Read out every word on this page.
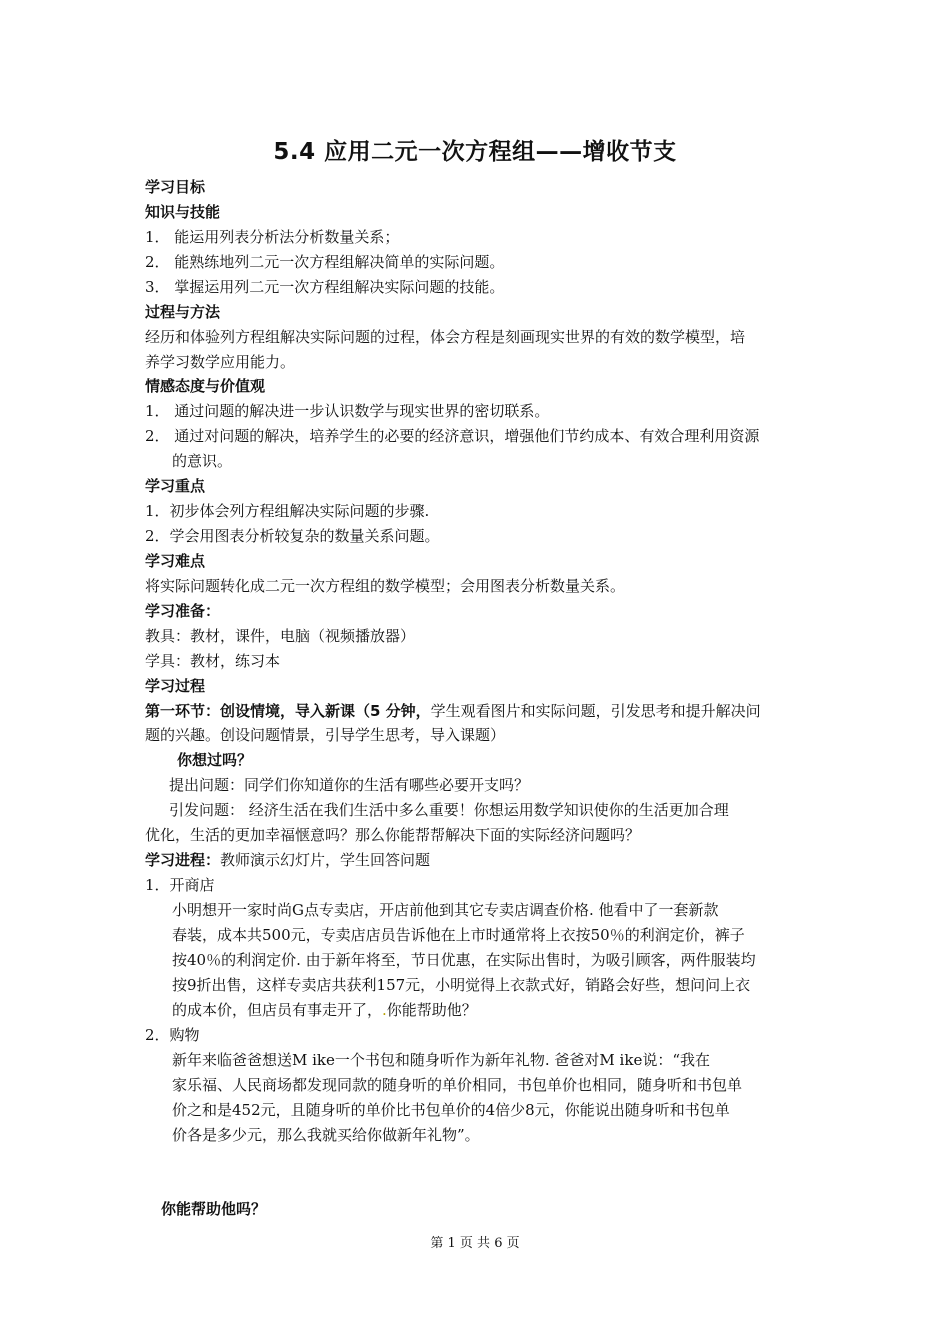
5.4 应用二元一次方程组——增收节支
学习目标
知识与技能
1． 能运用列表分析法分析数量关系；
2． 能熟练地列二元一次方程组解决简单的实际问题。
3． 掌握运用列二元一次方程组解决实际问题的技能。
过程与方法
经历和体验列方程组解决实际问题的过程，体会方程是刻画现实世界的有效的数学模型，培
养学习数学应用能力。
情感态度与价值观
1． 通过问题的解决进一步认识数学与现实世界的密切联系。
2． 通过对问题的解决，培养学生的必要的经济意识，增强他们节约成本、有效合理利用资源
的意识。
学习重点
1．初步体会列方程组解决实际问题的步骤.
2．学会用图表分析较复杂的数量关系问题。
学习难点
将实际问题转化成二元一次方程组的数学模型；会用图表分析数量关系。
学习准备：
教具：教材，课件，电脑（视频播放器）
学具：教材，练习本
学习过程
第一环节：创设情境，导入新课（5 分钟，学生观看图片和实际问题，引发思考和提升解决问
题的兴趣。创设问题情景，引导学生思考，导入课题）
你想过吗？
提出问题：同学们你知道你的生活有哪些必要开支吗？
引发问题： 经济生活在我们生活中多么重要！你想运用数学知识使你的生活更加合理
优化，生活的更加幸福惬意吗？那么你能帮帮解决下面的实际经济问题吗？
学习进程：教师演示幻灯片，学生回答问题
1．开商店
小明想开一家时尚G点专卖店，开店前他到其它专卖店调查价格. 他看中了一套新款
春装，成本共500元，专卖店店员告诉他在上市时通常将上衣按50％的利润定价，裤子
按40％的利润定价. 由于新年将至，节日优惠，在实际出售时，为吸引顾客，两件服装均
按9折出售，这样专卖店共获利157元，小明觉得上衣款式好，销路会好些，想问问上衣
的成本价，但店员有事走开了，.你能帮助他？
2．购物
新年来临爸爸想送M ike一个书包和随身听作为新年礼物. 爸爸对M ike说：“我在
家乐福、人民商场都发现同款的随身听的单价相同，书包单价也相同，随身听和书包单
价之和是452元，且随身听的单价比书包单价的4倍少8元，你能说出随身听和书包单
价各是多少元，那么我就买给你做新年礼物”。
你能帮助他吗？
第 1 页 共 6 页
